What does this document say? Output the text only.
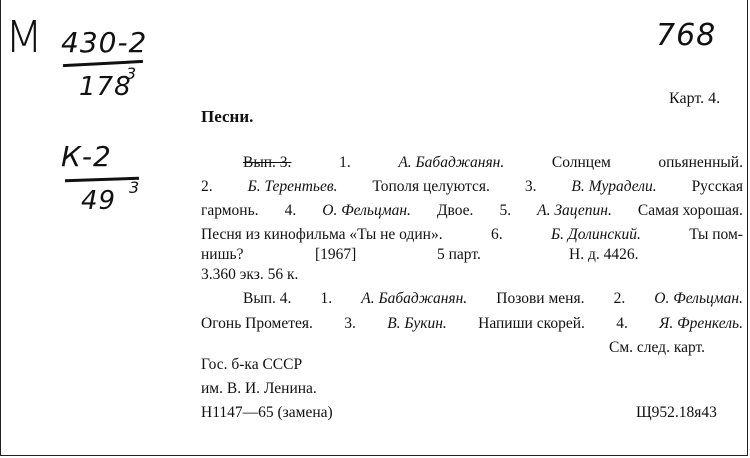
М 430-2
178
3
К-2
49 3
768
Карт. 4.
Песни.
Вып. 3.	1.	А. Бабаджанян.	Солнцем	опьяненный.
2. Б. Терентьев. Тополя целуются. 3. В. Мурадели. Русская
гармонь. 4. О. Фельцман. Двое. 5. А. Зацепин. Самая хорошая.
Песня из кинофильма «Ты не один».	6.	Б. Долинский.	Ты пом-
нишь?	[1967]	5 парт.	Н. д. 4426.
3.360 экз. 56 к.
Вып. 4. 1. А. Бабаджанян. Позови меня. 2. О. Фельцман.
Огонь Прометея. 3. В. Букин. Напиши скорей. 4. Я. Френкель.
См. след. карт.
Гос. б-ка СССР
им. В. И. Ленина.
Н1147—65 (замена)	Щ952.18я43
